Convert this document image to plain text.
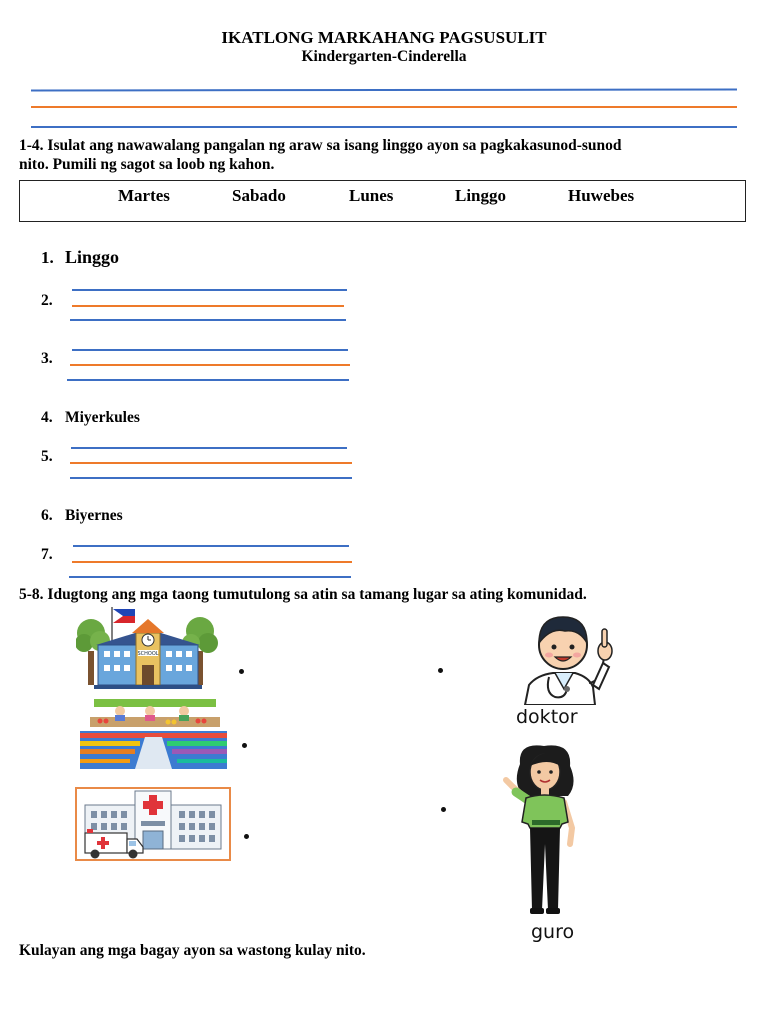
IKATLONG MARKAHANG PAGSUSULIT
Kindergarten-Cinderella
1-4. Isulat ang nawawalang pangalan ng araw sa isang linggo ayon sa pagkakasunod-sunod
nito. Pumili ng sagot sa loob ng kahon.
Martes	Sabado	Lunes	Linggo	Huwebes
1. Linggo
2.
3.
4. Miyerkules
5.
6. Biyernes
7.
5-8. Idugtong ang mga taong tumutulong sa atin sa tamang lugar sa ating komunidad.
SCHOOL
doktor
guro
Kulayan ang mga bagay ayon sa wastong kulay nito.
